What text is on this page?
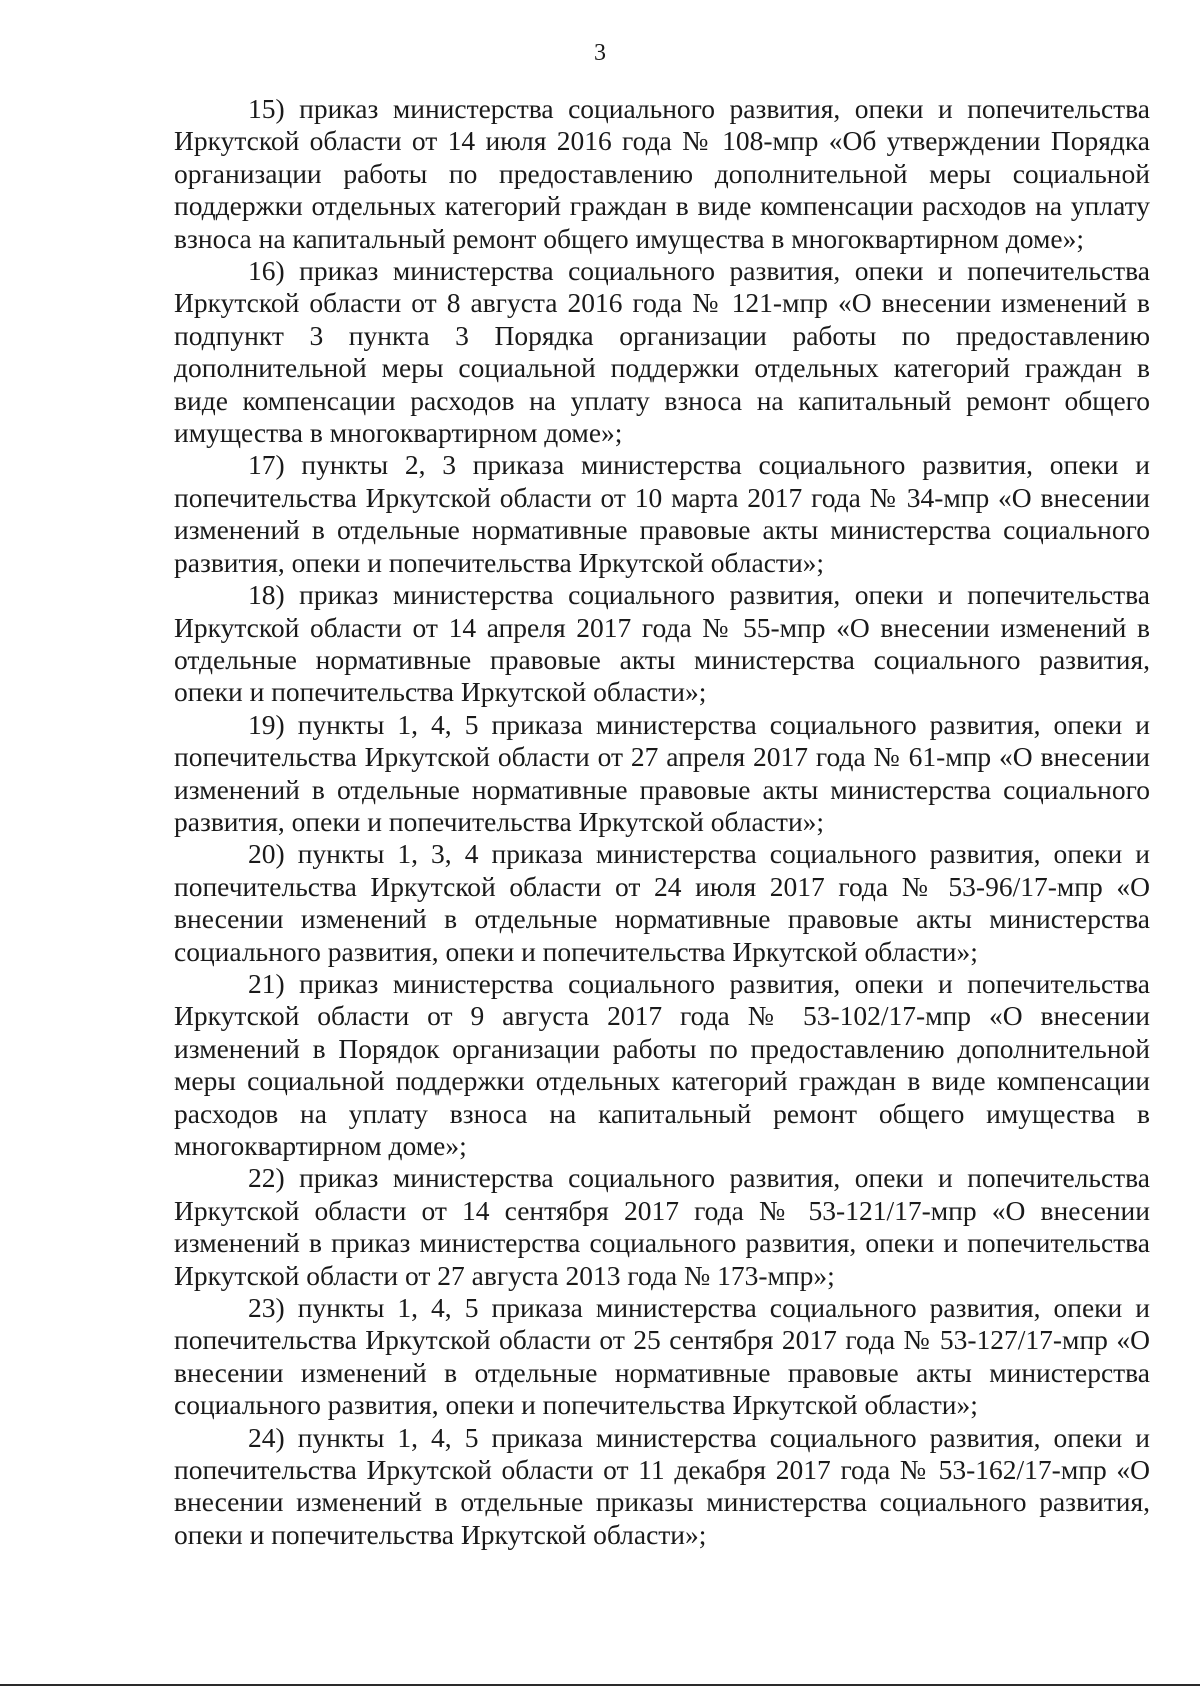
3

15) приказ министерства социального развития, опеки и попечительства Иркутской области от 14 июля 2016 года № 108-мпр «Об утверждении Порядка организации работы по предоставлению дополнительной меры социальной поддержки отдельных категорий граждан в виде компенсации расходов на уплату взноса на капитальный ремонт общего имущества в многоквартирном доме»;

16) приказ министерства социального развития, опеки и попечительства Иркутской области от 8 августа 2016 года № 121-мпр «О внесении изменений в подпункт 3 пункта 3 Порядка организации работы по предоставлению дополнительной меры социальной поддержки отдельных категорий граждан в виде компенсации расходов на уплату взноса на капитальный ремонт общего имущества в многоквартирном доме»;

17) пункты 2, 3 приказа министерства социального развития, опеки и попечительства Иркутской области от 10 марта 2017 года № 34-мпр «О внесении изменений в отдельные нормативные правовые акты министерства социального развития, опеки и попечительства Иркутской области»;

18) приказ министерства социального развития, опеки и попечительства Иркутской области от 14 апреля 2017 года № 55-мпр «О внесении изменений в отдельные нормативные правовые акты министерства социального развития, опеки и попечительства Иркутской области»;

19) пункты 1, 4, 5 приказа министерства социального развития, опеки и попечительства Иркутской области от 27 апреля 2017 года № 61-мпр «О внесении изменений в отдельные нормативные правовые акты министерства социального развития, опеки и попечительства Иркутской области»;

20) пункты 1, 3, 4 приказа министерства социального развития, опеки и попечительства Иркутской области от 24 июля 2017 года № 53-96/17-мпр «О внесении изменений в отдельные нормативные правовые акты министерства социального развития, опеки и попечительства Иркутской области»;

21) приказ министерства социального развития, опеки и попечительства Иркутской области от 9 августа 2017 года № 53-102/17-мпр «О внесении изменений в Порядок организации работы по предоставлению дополнительной меры социальной поддержки отдельных категорий граждан в виде компенсации расходов на уплату взноса на капитальный ремонт общего имущества в многоквартирном доме»;

22) приказ министерства социального развития, опеки и попечительства Иркутской области от 14 сентября 2017 года № 53-121/17-мпр «О внесении изменений в приказ министерства социального развития, опеки и попечительства Иркутской области от 27 августа 2013 года № 173-мпр»;

23) пункты 1, 4, 5 приказа министерства социального развития, опеки и попечительства Иркутской области от 25 сентября 2017 года № 53-127/17-мпр «О внесении изменений в отдельные нормативные правовые акты министерства социального развития, опеки и попечительства Иркутской области»;

24) пункты 1, 4, 5 приказа министерства социального развития, опеки и попечительства Иркутской области от 11 декабря 2017 года № 53-162/17-мпр «О внесении изменений в отдельные приказы министерства социального развития, опеки и попечительства Иркутской области»;
